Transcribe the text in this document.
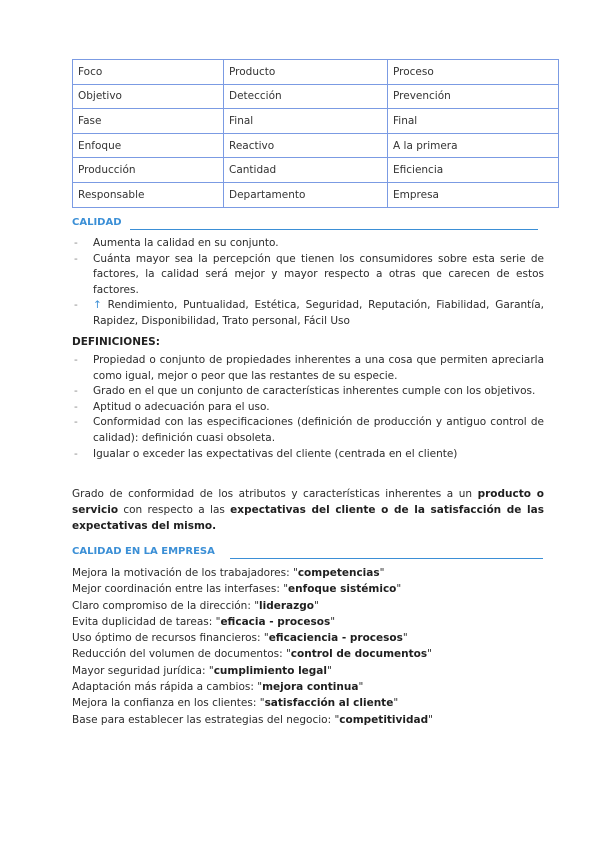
Foco	Producto	Proceso
Objetivo	Detección	Prevención
Fase	Final	Final
Enfoque	Reactivo	A la primera
Producción	Cantidad	Eficiencia
Responsable	Departamento	Empresa
CALIDAD
- Aumenta la calidad en su conjunto.
- Cuánta mayor sea la percepción que tienen los consumidores sobre esta serie de factores, la calidad será mejor y mayor respecto a otras que carecen de estos factores.
- ↑ Rendimiento, Puntualidad, Estética, Seguridad, Reputación, Fiabilidad, Garantía, Rapidez, Disponibilidad, Trato personal, Fácil Uso
DEFINICIONES:
- Propiedad o conjunto de propiedades inherentes a una cosa que permiten apreciarla como igual, mejor o peor que las restantes de su especie.
- Grado en el que un conjunto de características inherentes cumple con los objetivos.
- Aptitud o adecuación para el uso.
- Conformidad con las especificaciones (definición de producción y antiguo control de calidad): definición cuasi obsoleta.
- Igualar o exceder las expectativas del cliente (centrada en el cliente)

Grado de conformidad de los atributos y características inherentes a un producto o servicio con respecto a las expectativas del cliente o de la satisfacción de las expectativas del mismo.

CALIDAD EN LA EMPRESA
Mejora la motivación de los trabajadores: "competencias"
Mejor coordinación entre las interfases: "enfoque sistémico"
Claro compromiso de la dirección: "liderazgo"
Evita duplicidad de tareas: "eficacia - procesos"
Uso óptimo de recursos financieros: "eficaciencia - procesos"
Reducción del volumen de documentos: "control de documentos"
Mayor seguridad jurídica: "cumplimiento legal"
Adaptación más rápida a cambios: "mejora continua"
Mejora la confianza en los clientes: "satisfacción al cliente"
Base para establecer las estrategias del negocio: "competitividad"
